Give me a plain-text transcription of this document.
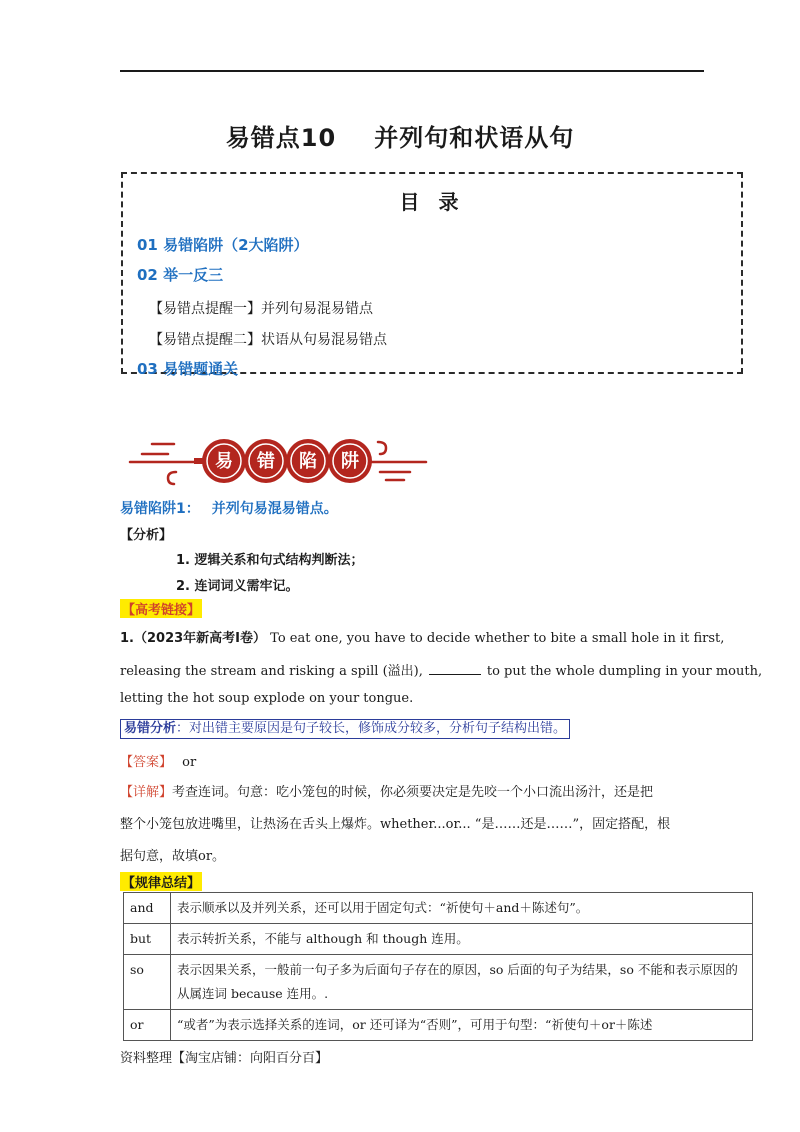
易错点10 并列句和状语从句
目 录
01 易错陷阱（2大陷阱）
02 举一反三
【易错点提醒一】并列句易混易错点
【易错点提醒二】状语从句易混易错点
03 易错题通关
易 错 陷 阱
易错陷阱1： 并列句易混易错点。
【分析】
1. 逻辑关系和句式结构判断法；
2. 连词词义需牢记。
【高考链接】
1.（2023年新高考I卷） To eat one, you have to decide whether to bite a small hole in it first,
releasing the stream and risking a spill (溢出),	to put the whole dumpling in your mouth,
letting the hot soup explode on your tongue.
易错分析：对出错主要原因是句子较长，修饰成分较多，分析句子结构出错。
【答案】 or
【详解】考查连词。句意：吃小笼包的时候，你必须要决定是先咬一个小口流出汤汁，还是把
整个小笼包放进嘴里，让热汤在舌头上爆炸。whether...or... “是……还是……”，固定搭配，根
据句意，故填or。
【规律总结】
and	表示顺承以及并列关系，还可以用于固定句式：“祈使句＋and＋陈述句”。
but	表示转折关系，不能与 although 和 though 连用。
so	表示因果关系，一般前一句子多为后面句子存在的原因，so 后面的句子为结果，so 不能和表示原因的从属连词 because 连用。.
or	“或者”为表示选择关系的连词，or 还可译为“否则”，可用于句型：“祈使句＋or＋陈述
资料整理【淘宝店铺：向阳百分百】
